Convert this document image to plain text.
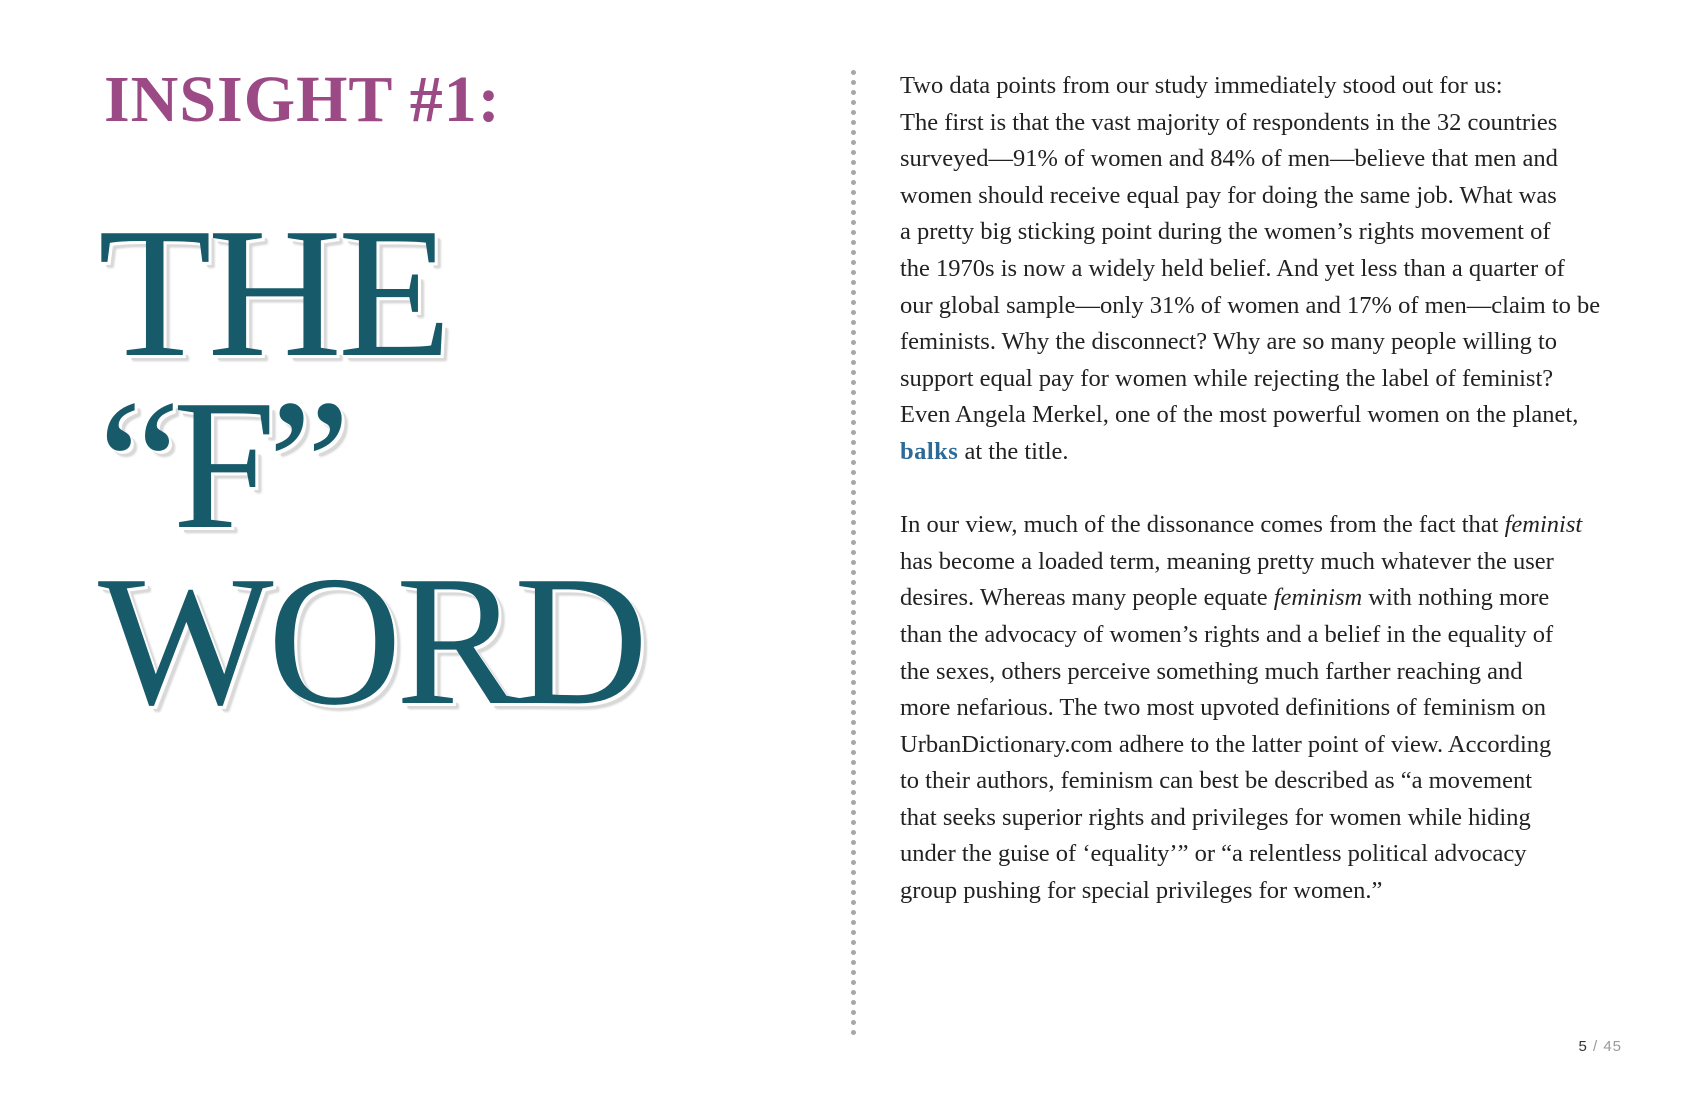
INSIGHT #1:
THE
“F”
WORD

Two data points from our study immediately stood out for us:
The first is that the vast majority of respondents in the 32 countries
surveyed—91% of women and 84% of men—believe that men and
women should receive equal pay for doing the same job. What was
a pretty big sticking point during the women’s rights movement of
the 1970s is now a widely held belief. And yet less than a quarter of
our global sample—only 31% of women and 17% of men—claim to be
feminists. Why the disconnect? Why are so many people willing to
support equal pay for women while rejecting the label of feminist?
Even Angela Merkel, one of the most powerful women on the planet,
balks at the title.

In our view, much of the dissonance comes from the fact that feminist
has become a loaded term, meaning pretty much whatever the user
desires. Whereas many people equate feminism with nothing more
than the advocacy of women’s rights and a belief in the equality of
the sexes, others perceive something much farther reaching and
more nefarious. The two most upvoted definitions of feminism on
UrbanDictionary.com adhere to the latter point of view. According
to their authors, feminism can best be described as “a movement
that seeks superior rights and privileges for women while hiding
under the guise of ‘equality’” or “a relentless political advocacy
group pushing for special privileges for women.”

5 / 45
